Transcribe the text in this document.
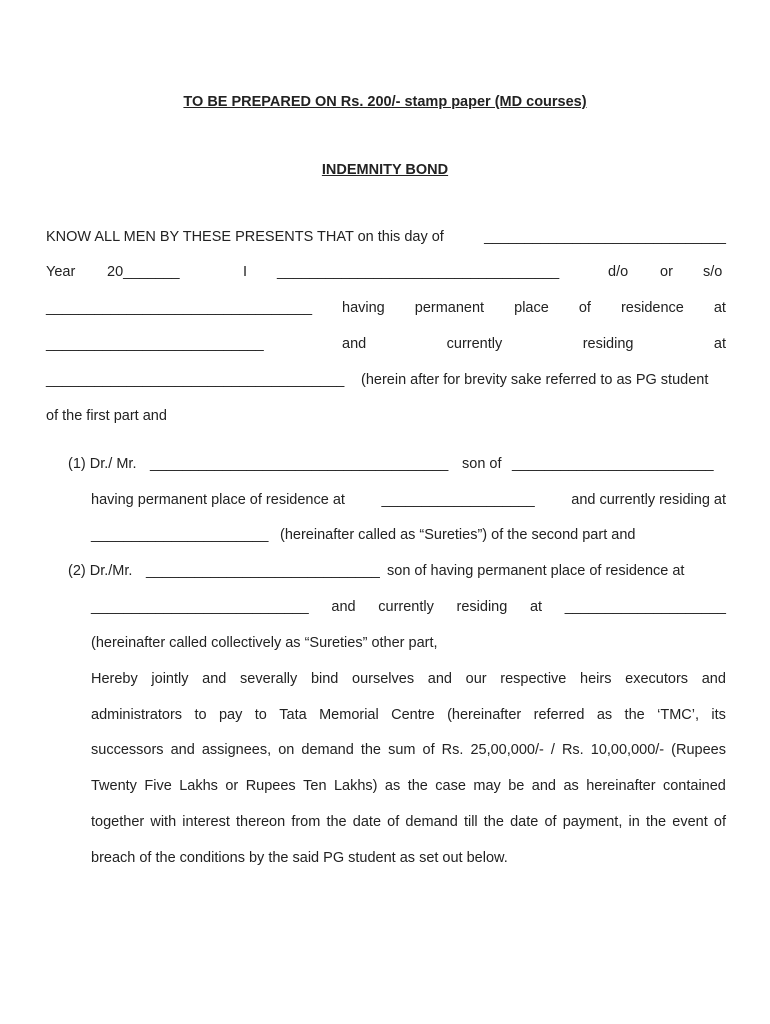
TO BE PREPARED ON Rs. 200/- stamp paper (MD courses)
INDEMNITY BOND
KNOW ALL MEN BY THESE PRESENTS THAT on this day of	______________________________
Year 20_______	I ___________________________________	d/o or s/o
_________________________________ having permanent place of residence at
___________________________	and	currently	residing	at
_____________________________________ (herein after for brevity sake referred to as PG student
of the first part and
(1) Dr./ Mr. _____________________________________ son of _________________________
having permanent place of residence at	___________________	and currently residing at
______________________ (hereinafter called as “Sureties”) of the second part and
(2) Dr./Mr. _____________________________ son of having permanent place of residence at
___________________________ and currently residing at ____________________
(hereinafter called collectively as “Sureties” other part,
Hereby jointly and severally bind ourselves and our respective heirs executors and
administrators to pay to Tata Memorial Centre (hereinafter referred as the ‘TMC’, its
successors and assignees, on demand the sum of Rs. 25,00,000/- / Rs. 10,00,000/- (Rupees
Twenty Five Lakhs or Rupees Ten Lakhs) as the case may be and as hereinafter contained
together with interest thereon from the date of demand till the date of payment, in the event of
breach of the conditions by the said PG student as set out below.
